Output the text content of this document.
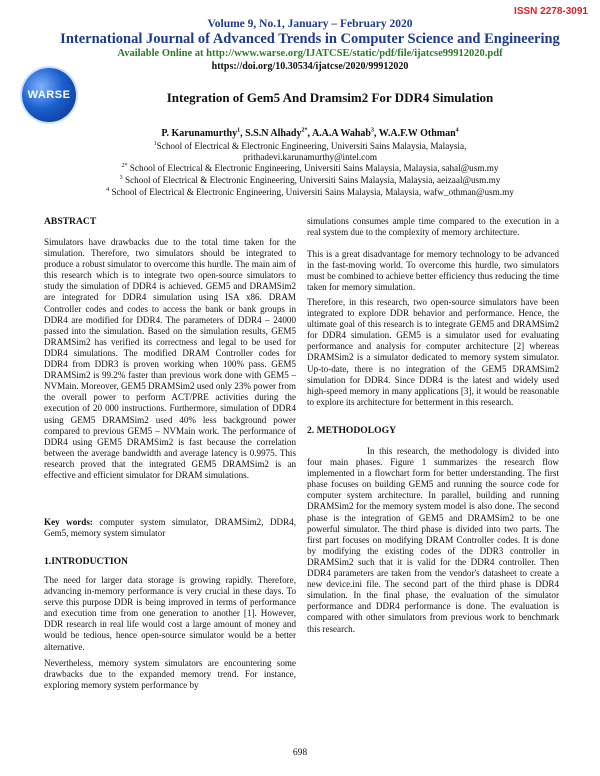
ISSN 2278-3091
WARSE
Volume 9, No.1, January – February 2020
International Journal of Advanced Trends in Computer Science and Engineering
Available Online at http://www.warse.org/IJATCSE/static/pdf/file/ijatcse99912020.pdf
https://doi.org/10.30534/ijatcse/2020/99912020
Integration of Gem5 And Dramsim2 For DDR4 Simulation
P. Karunamurthy$^1$, S.S.N Alhady$^{2*}$, A.A.A Wahab$^3$, W.A.F.W Othman$^4$
$^1$School of Electrical & Electronic Engineering, Universiti Sains Malaysia, Malaysia,
prithadevi.karunamurthy@intel.com
$^{2*}$ School of Electrical & Electronic Engineering, Universiti Sains Malaysia, Malaysia, sahal@usm.my
$^3$ School of Electrical & Electronic Engineering, Universiti Sains Malaysia, Malaysia, aeizaal@usm.my
$^4$ School of Electrical & Electronic Engineering, Universiti Sains Malaysia, Malaysia, wafw_othman@usm.my
ABSTRACT

Simulators have drawbacks due to the total time taken for the simulation. Therefore, two simulators should be integrated to produce a robust simulator to overcome this hurdle. The main aim of this research which is to integrate two open-source simulators to study the simulation of DDR4 is achieved. GEM5 and DRAMSim2 are integrated for DDR4 simulation using ISA x86. DRAM Controller codes and codes to access the bank or bank groups in DDR4 are modified for DDR4. The parameters of DDR4 – 24000 passed into the simulation. Based on the simulation results, GEM5 DRAMSim2 has verified its correctness and legal to be used for DDR4 simulations. The modified DRAM Controller codes for DDR4 from DDR3 is proven working when 100% pass. GEM5 DRAMSim2 is 99.2% faster than previous work done with GEM5 – NVMain. Moreover, GEM5 DRAMSim2 used only 23% power from the overall power to perform ACT/PRE activities during the execution of 20 000 instructions. Furthermore, simulation of DDR4 using GEM5 DRAMSim2 used 40% less background power compared to previous GEM5 – NVMain work. The performance of DDR4 using GEM5 DRAMSim2 is fast because the correlation between the average bandwidth and average latency is 0.9975. This research proved that the integrated GEM5 DRAMSim2 is an effective and efficient simulator for DRAM simulations.

Key words: computer system simulator, DRAMSim2, DDR4, Gem5, memory system simulator

1.INTRODUCTION

The need for larger data storage is growing rapidly. Therefore, advancing in-memory performance is very crucial in these days. To serve this purpose DDR is being improved in terms of performance and execution time from one generation to another [1]. However, DDR research in real life would cost a large amount of money and would be tedious, hence open-source simulator would be a better alternative.

Nevertheless, memory system simulators are encountering some drawbacks due to the expanded memory trend. For instance, exploring memory system performance by

simulations consumes ample time compared to the execution in a real system due to the complexity of memory architecture.

This is a great disadvantage for memory technology to be advanced in the fast-moving world. To overcome this hurdle, two simulators must be combined to achieve better efficiency thus reducing the time taken for memory simulation.

Therefore, in this research, two open-source simulators have been integrated to explore DDR behavior and performance. Hence, the ultimate goal of this research is to integrate GEM5 and DRAMSim2 for DDR4 simulation. GEM5 is a simulator used for evaluating performance and analysis for computer architecture [2] whereas DRAMSim2 is a simulator dedicated to memory system simulator. Up-to-date, there is no integration of the GEM5 DRAMSim2 simulation for DDR4. Since DDR4 is the latest and widely used high-speed memory in many applications [3], it would be reasonable to explore its architecture for betterment in this research.

2. METHODOLOGY

In this research, the methodology is divided into four main phases. Figure 1 summarizes the research flow implemented in a flowchart form for better understanding. The first phase focuses on building GEM5 and running the source code for computer system architecture. In parallel, building and running DRAMSim2 for the memory system model is also done. The second phase is the integration of GEM5 and DRAMSim2 to be one powerful simulator. The third phase is divided into two parts. The first part focuses on modifying DRAM Controller codes. It is done by modifying the existing codes of the DDR3 controller in DRAMSim2 such that it is valid for the DDR4 controller. Then DDR4 parameters are taken from the vendor's datasheet to create a new device.ini file. The second part of the third phase is DDR4 simulation. In the final phase, the evaluation of the simulator performance and DDR4 performance is done. The evaluation is compared with other simulators from previous work to benchmark this research.

698
